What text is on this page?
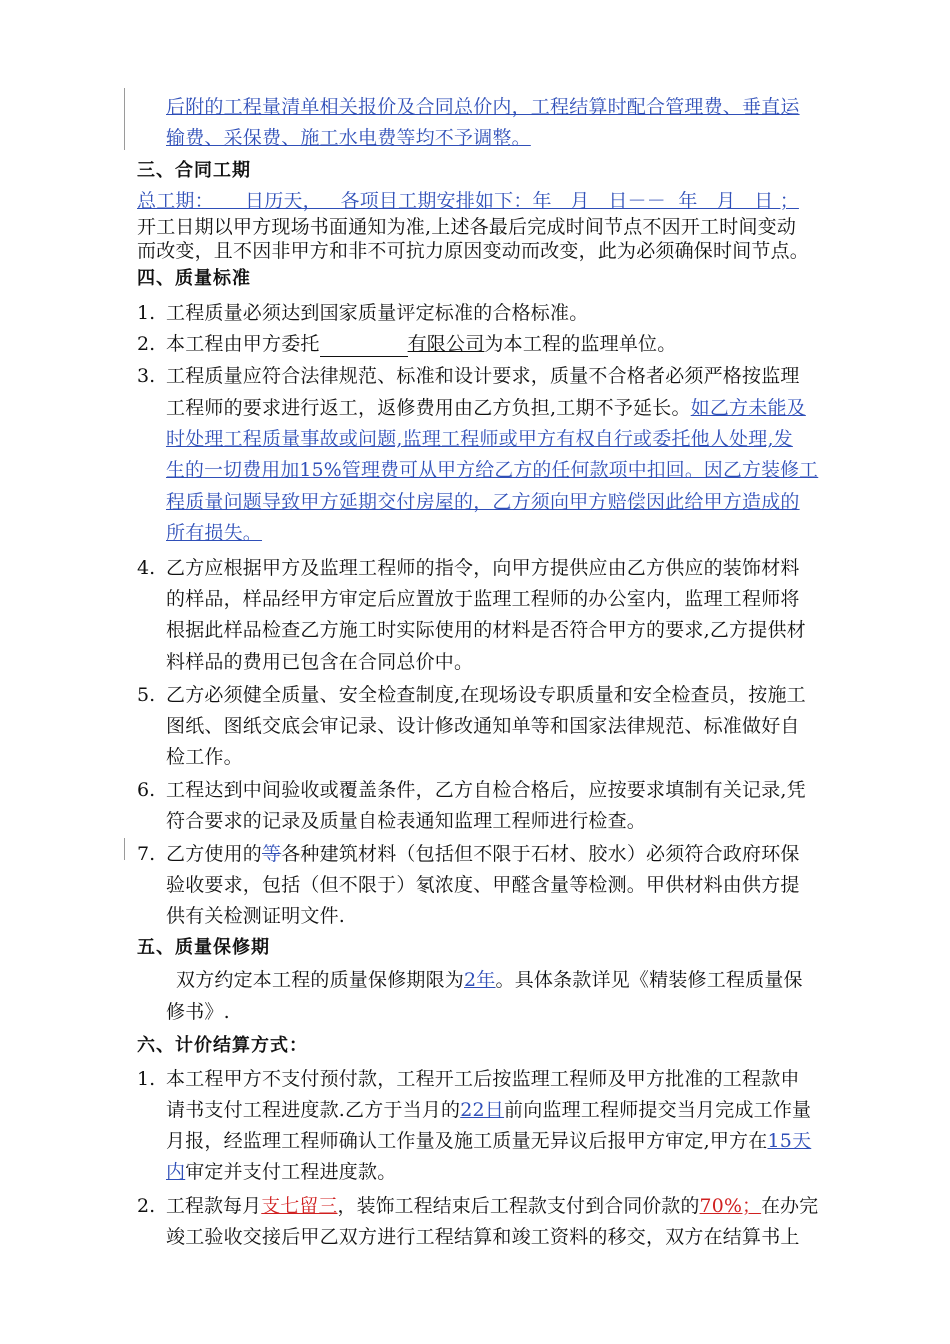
后附的工程量清单相关报价及合同总价内，工程结算时配合管理费、垂直运
输费、采保费、施工水电费等均不予调整。
三、合同工期
总工期：     日历天，   各项目工期安排如下：年   月   日－－  年   月   日 ；
开工日期以甲方现场书面通知为准,上述各最后完成时间节点不因开工时间变动
而改变，且不因非甲方和非不可抗力原因变动而改变，此为必须确保时间节点。
四、质量标准
1. 工程质量必须达到国家质量评定标准的合格标准。
2. 本工程由甲方委托	有限公司为本工程的监理单位。
3. 工程质量应符合法律规范、标准和设计要求，质量不合格者必须严格按监理
工程师的要求进行返工，返修费用由乙方负担,工期不予延长。如乙方未能及
时处理工程质量事故或问题,监理工程师或甲方有权自行或委托他人处理,发
生的一切费用加15%管理费可从甲方给乙方的任何款项中扣回。因乙方装修工
程质量问题导致甲方延期交付房屋的，乙方须向甲方赔偿因此给甲方造成的
所有损失。
4. 乙方应根据甲方及监理工程师的指令，向甲方提供应由乙方供应的装饰材料
的样品，样品经甲方审定后应置放于监理工程师的办公室内，监理工程师将
根据此样品检查乙方施工时实际使用的材料是否符合甲方的要求,乙方提供材
料样品的费用已包含在合同总价中。
5. 乙方必须健全质量、安全检查制度,在现场设专职质量和安全检查员，按施工
图纸、图纸交底会审记录、设计修改通知单等和国家法律规范、标准做好自
检工作。
6. 工程达到中间验收或覆盖条件，乙方自检合格后，应按要求填制有关记录,凭
符合要求的记录及质量自检表通知监理工程师进行检查。
7. 乙方使用的等各种建筑材料（包括但不限于石材、胶水）必须符合政府环保
验收要求，包括（但不限于）氡浓度、甲醛含量等检测。甲供材料由供方提
供有关检测证明文件.
五、质量保修期
双方约定本工程的质量保修期限为2年。具体条款详见《精装修工程质量保
修书》.
六、计价结算方式：
1. 本工程甲方不支付预付款，工程开工后按监理工程师及甲方批准的工程款申
请书支付工程进度款.乙方于当月的22日前向监理工程师提交当月完成工作量
月报，经监理工程师确认工作量及施工质量无异议后报甲方审定,甲方在15天
内审定并支付工程进度款。
2. 工程款每月支七留三，装饰工程结束后工程款支付到合同价款的70%；在办完
竣工验收交接后甲乙双方进行工程结算和竣工资料的移交，双方在结算书上
